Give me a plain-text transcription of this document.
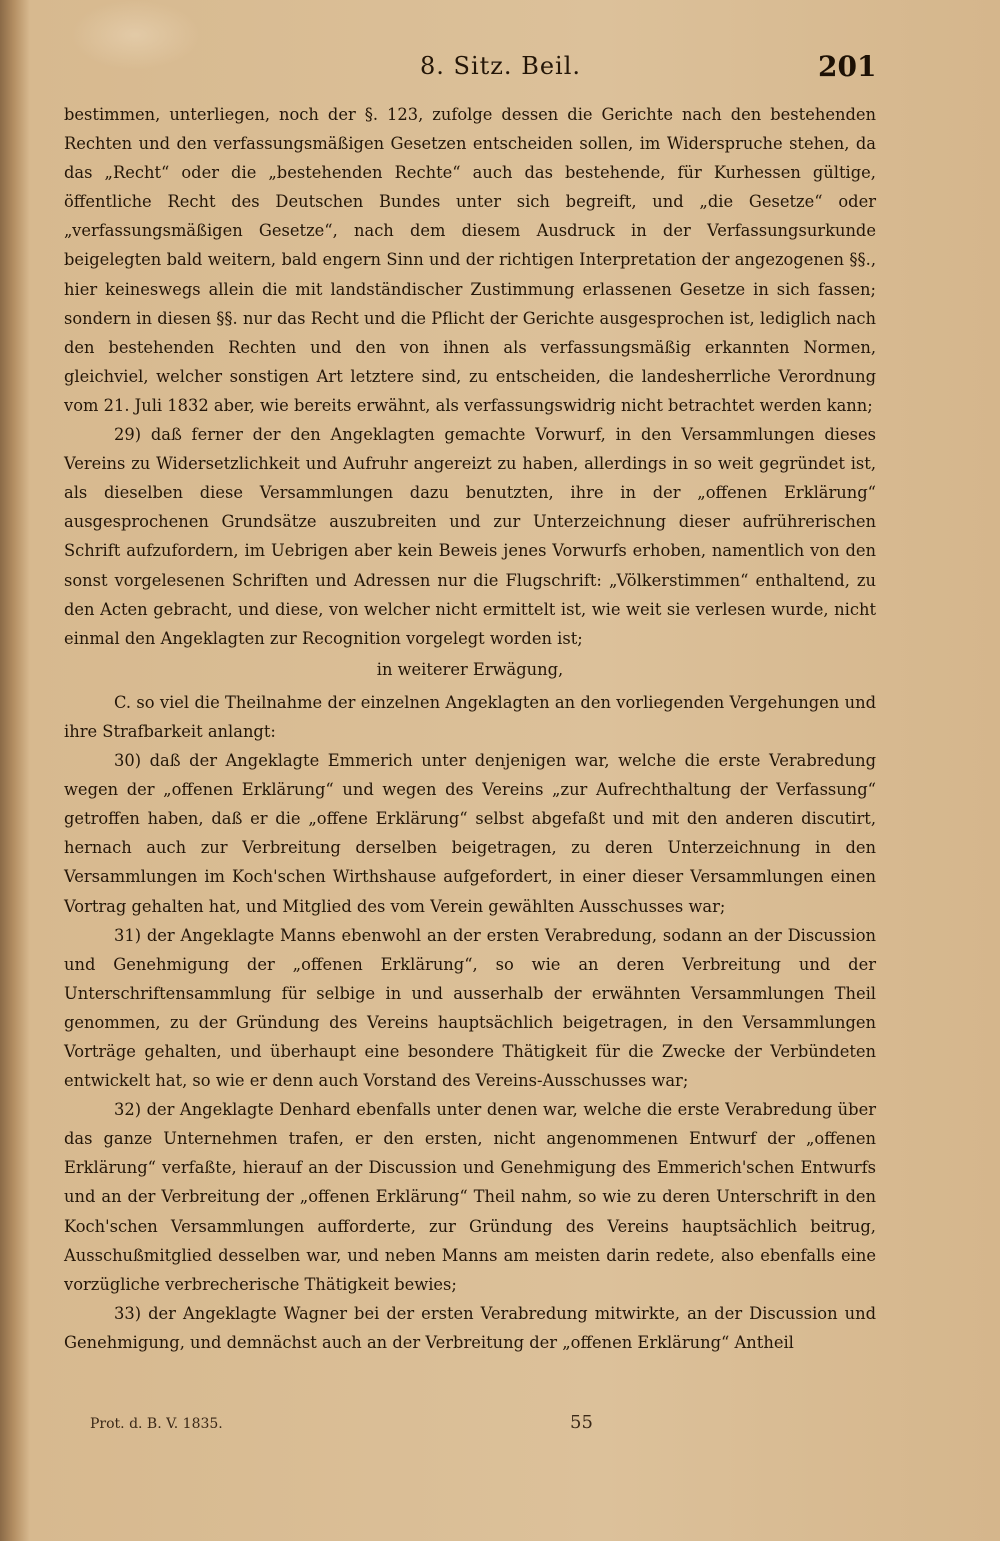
8. Sitz. Beil.	201

bestimmen, unterliegen, noch der §. 123, zufolge dessen die Gerichte nach den bestehenden Rechten und den verfassungsmäßigen Gesetzen entscheiden sollen, im Widerspruche stehen, da das „Recht“ oder die „bestehenden Rechte“ auch das bestehende, für Kurhessen gültige, öffentliche Recht des Deutschen Bundes unter sich begreift, und „die Gesetze“ oder „verfassungsmäßigen Gesetze“, nach dem diesem Ausdruck in der Verfassungsurkunde beigelegten bald weitern, bald engern Sinn und der richtigen Interpretation der angezogenen §§., hier keineswegs allein die mit landständischer Zustimmung erlassenen Gesetze in sich fassen; sondern in diesen §§. nur das Recht und die Pflicht der Gerichte ausgesprochen ist, lediglich nach den bestehenden Rechten und den von ihnen als verfassungsmäßig erkannten Normen, gleichviel, welcher sonstigen Art letztere sind, zu entscheiden, die landesherrliche Verordnung vom 21. Juli 1832 aber, wie bereits erwähnt, als verfassungswidrig nicht betrachtet werden kann;

29) daß ferner der den Angeklagten gemachte Vorwurf, in den Versammlungen dieses Vereins zu Widersetzlichkeit und Aufruhr angereizt zu haben, allerdings in so weit gegründet ist, als dieselben diese Versammlungen dazu benutzten, ihre in der „offenen Erklärung“ ausgesprochenen Grundsätze auszubreiten und zur Unterzeichnung dieser aufrührerischen Schrift aufzufordern, im Uebrigen aber kein Beweis jenes Vorwurfs erhoben, namentlich von den sonst vorgelesenen Schriften und Adressen nur die Flugschrift: „Völkerstimmen“ enthaltend, zu den Acten gebracht, und diese, von welcher nicht ermittelt ist, wie weit sie verlesen wurde, nicht einmal den Angeklagten zur Recognition vorgelegt worden ist;

in weiterer Erwägung,

C. so viel die Theilnahme der einzelnen Angeklagten an den vorliegenden Vergehungen und ihre Strafbarkeit anlangt:

30) daß der Angeklagte Emmerich unter denjenigen war, welche die erste Verabredung wegen der „offenen Erklärung“ und wegen des Vereins „zur Aufrechthaltung der Verfassung“ getroffen haben, daß er die „offene Erklärung“ selbst abgefaßt und mit den anderen discutirt, hernach auch zur Verbreitung derselben beigetragen, zu deren Unterzeichnung in den Versammlungen im Koch'schen Wirthshause aufgefordert, in einer dieser Versammlungen einen Vortrag gehalten hat, und Mitglied des vom Verein gewählten Ausschusses war;

31) der Angeklagte Manns ebenwohl an der ersten Verabredung, sodann an der Discussion und Genehmigung der „offenen Erklärung“, so wie an deren Verbreitung und der Unterschriftensammlung für selbige in und ausserhalb der erwähnten Versammlungen Theil genommen, zu der Gründung des Vereins hauptsächlich beigetragen, in den Versammlungen Vorträge gehalten, und überhaupt eine besondere Thätigkeit für die Zwecke der Verbündeten entwickelt hat, so wie er denn auch Vorstand des Vereins-Ausschusses war;

32) der Angeklagte Denhard ebenfalls unter denen war, welche die erste Verabredung über das ganze Unternehmen trafen, er den ersten, nicht angenommenen Entwurf der „offenen Erklärung“ verfaßte, hierauf an der Discussion und Genehmigung des Emmerich'schen Entwurfs und an der Verbreitung der „offenen Erklärung“ Theil nahm, so wie zu deren Unterschrift in den Koch'schen Versammlungen aufforderte, zur Gründung des Vereins hauptsächlich beitrug, Ausschußmitglied desselben war, und neben Manns am meisten darin redete, also ebenfalls eine vorzügliche verbrecherische Thätigkeit bewies;

33) der Angeklagte Wagner bei der ersten Verabredung mitwirkte, an der Discussion und Genehmigung, und demnächst auch an der Verbreitung der „offenen Erklärung“ Antheil

Prot. d. B. V. 1835.	55
